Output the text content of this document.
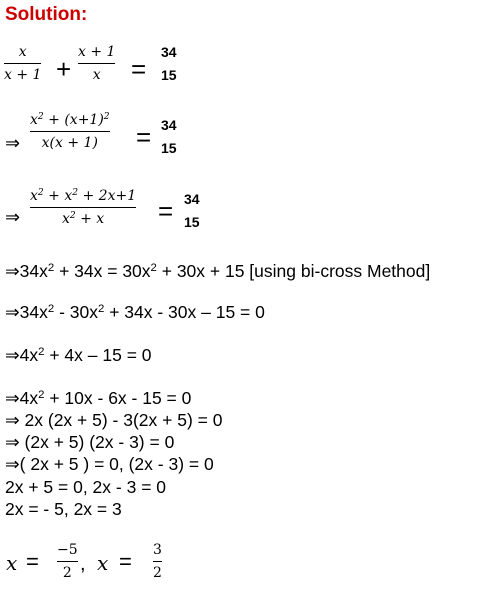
Solution:
x
x + 1 +
x + 1
x =
34
15
⇒
$x^2 + (x+1)^2$
x(x + 1) = 34
15
⇒
$x^2 + x^2 + 2x+1$
$x^2 + x = 34$
15
$\Rightarrow 34x^2 + 34x = 30x^2 + 30x + 15$ [using bi-cross Method]
$\Rightarrow 34x^2 - 30x^2 + 34x - 30x - 15 = 0$
$\Rightarrow 4x^2 + 4x - 15 = 0$
$\Rightarrow 4x^2 + 10x - 6x - 15 = 0$
⇒ 2x (2x + 5) - 3(2x + 5) = 0
⇒ (2x + 5) (2x - 3) = 0
⇒( 2x + 5 ) = 0, (2x - 3) = 0
2x + 5 = 0, 2x - 3 = 0
2x = - 5, 2x = 3
x = −5
2 , x = 3
2
